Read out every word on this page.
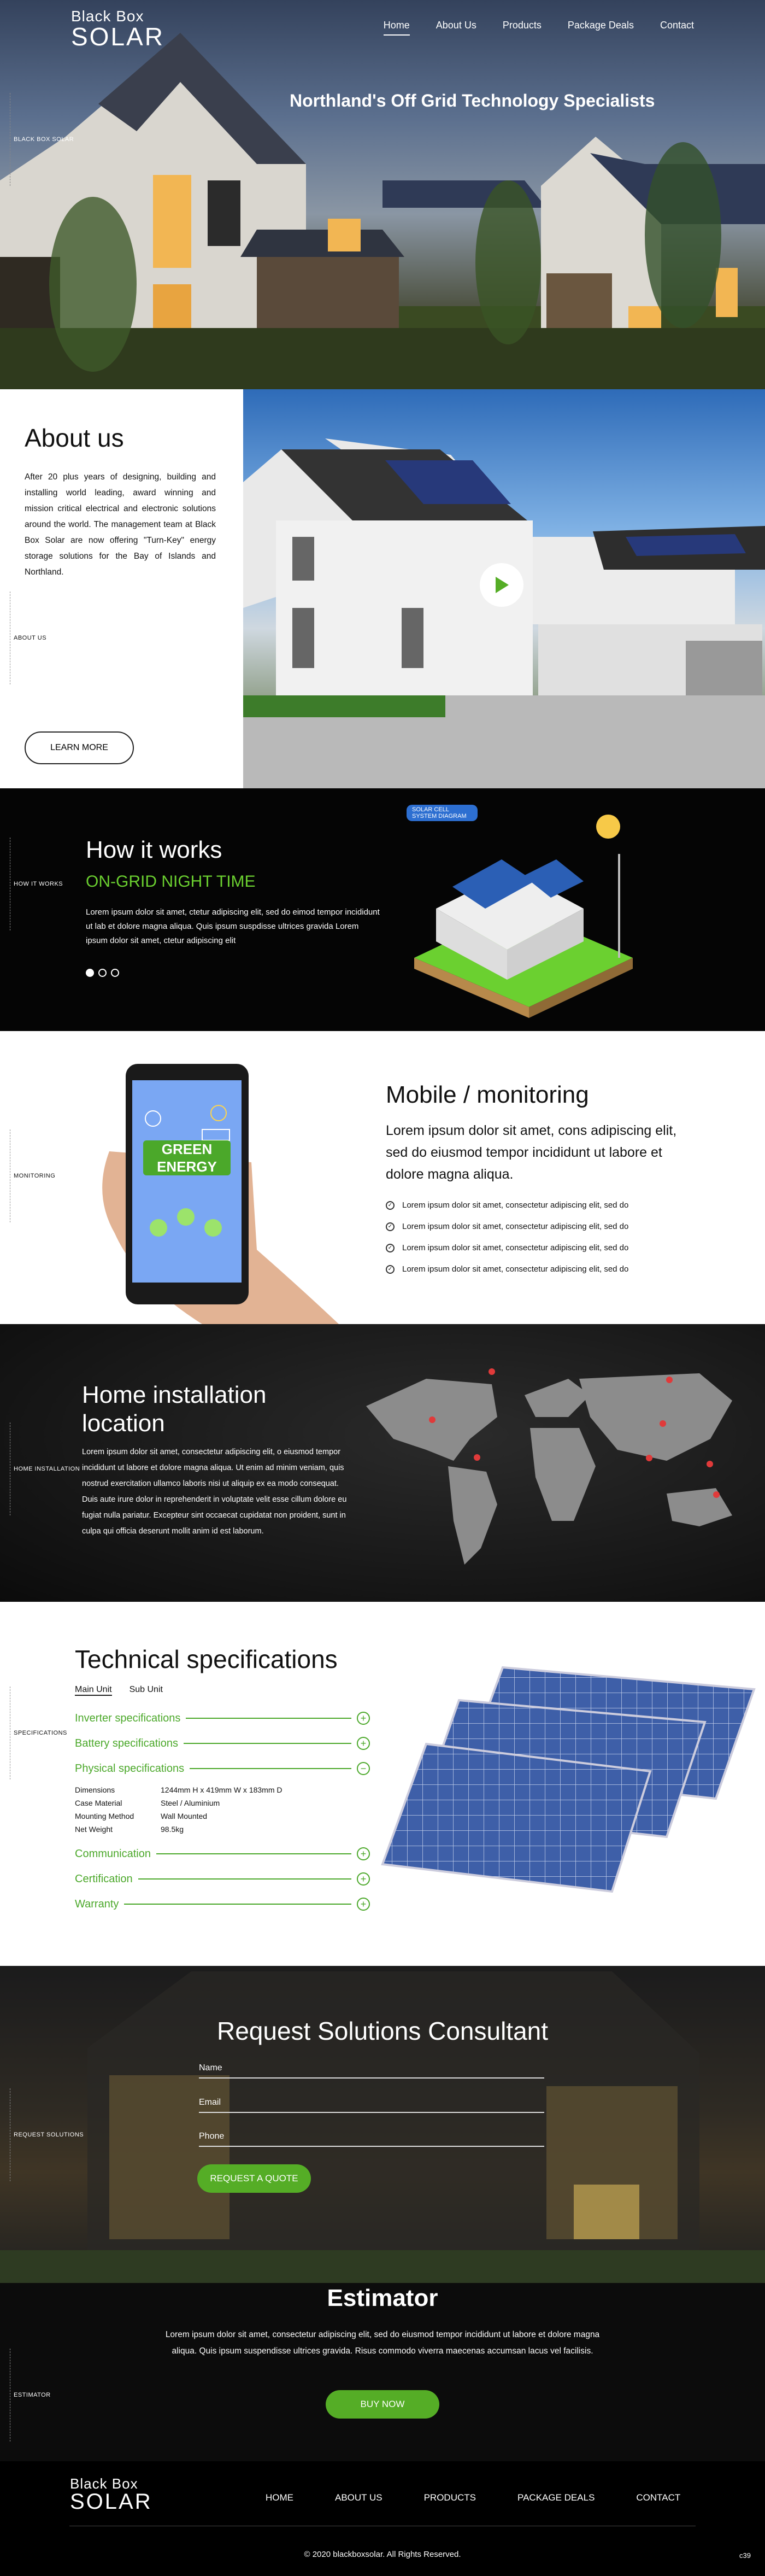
Black Box
SOLAR	Home	About Us	Products	Package Deals	Contact
Northland's Off Grid Technology Specialists
BLACK BOX SOLAR
About us

After 20 plus years of designing, building and installing world leading, award winning and mission critical electrical and electronic solutions around the world. The management team at Black Box Solar are now offering "Turn-Key" energy storage solutions for the Bay of Islands and Northland.

ABOUT US
LEARN MORE
HOW IT WORKS
How it works
ON-GRID NIGHT TIME

Lorem ipsum dolor sit amet, ctetur adipiscing elit, sed do eimod tempor incididunt ut lab et dolore magna aliqua. Quis ipsum suspdisse ultrices gravida Lorem ipsum dolor sit amet, ctetur adipiscing elit

SOLAR CELL SYSTEM DIAGRAM
MONITORING
GREEN ENERGY
Mobile / monitoring

Lorem ipsum dolor sit amet, cons adipiscing elit, sed do eiusmod tempor incididunt ut labore et dolore magna aliqua.

✓ Lorem ipsum dolor sit amet, consectetur adipiscing elit, sed do
✓ Lorem ipsum dolor sit amet, consectetur adipiscing elit, sed do
✓ Lorem ipsum dolor sit amet, consectetur adipiscing elit, sed do
✓ Lorem ipsum dolor sit amet, consectetur adipiscing elit, sed do
HOME INSTALLATION
Home installation location

Lorem ipsum dolor sit amet, consectetur adipiscing elit, o eiusmod tempor incididunt ut labore et dolore magna aliqua. Ut enim ad minim veniam, quis nostrud exercitation ullamco laboris nisi ut aliquip ex ea modo consequat. Duis aute irure dolor in reprehenderit in voluptate velit esse cillum dolore eu fugiat nulla pariatur. Excepteur sint occaecat cupidatat non proident, sunt in culpa qui officia deserunt mollit anim id est laborum.

SPECIFICATIONS
Technical specifications
Main Unit Sub Unit
Inverter specifications	+
Battery specifications	+
Physical specifications	−
Dimensions	1244mm H x 419mm W x 183mm D
Case Material	Steel / Aluminium
Mounting Method	Wall Mounted
Net Weight	98.5kg
Communication	+
Certification	+
Warranty	+
REQUEST SOLUTIONS
Request Solutions Consultant
Name
Email
Phone
REQUEST A QUOTE
ESTIMATOR
Estimator

Lorem ipsum dolor sit amet, consectetur adipiscing elit, sed do eiusmod tempor incididunt ut labore et dolore magna aliqua. Quis ipsum suspendisse ultrices gravida. Risus commodo viverra maecenas accumsan lacus vel facilisis.

BUY NOW
Black Box
SOLAR	HOME	ABOUT US	PRODUCTS	PACKAGE DEALS	CONTACT
© 2020 blackboxsolar. All Rights Reserved.	c39
